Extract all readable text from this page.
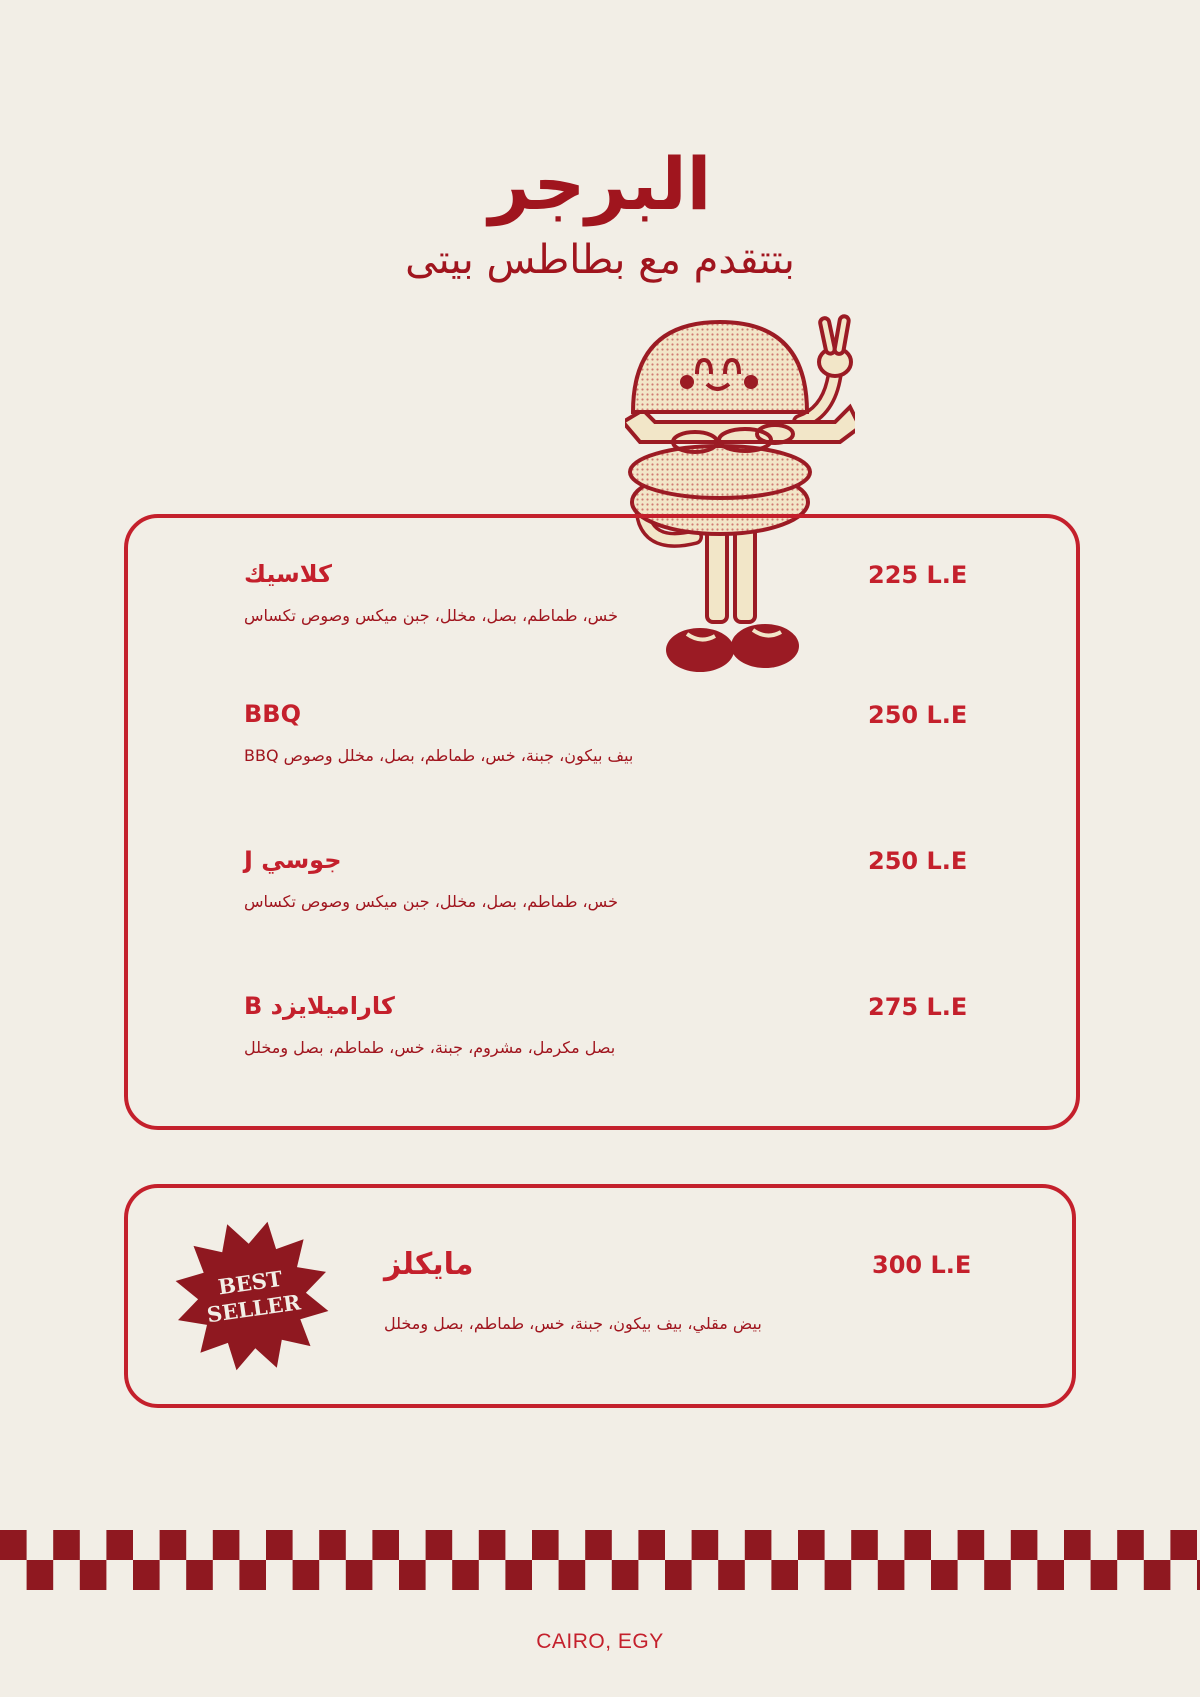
البرجر
بتتقدم مع بطاطس بيتى
كلاسيك
خس، طماطم، بصل، مخلل، جبن ميكس وصوص تكساس
225 L.E
BBQ
بيف بيكون، جبنة، خس، طماطم، بصل، مخلل وصوص BBQ
250 L.E
جوسي J
خس، طماطم، بصل، مخلل، جبن ميكس وصوص تكساس
250 L.E
كاراميلايزد B
بصل مكرمل، مشروم، جبنة، خس، طماطم، بصل ومخلل
275 L.E
BEST
SELLER
مايكلز
بيض مقلي، بيف بيكون، جبنة، خس، طماطم، بصل ومخلل
300 L.E
CAIRO, EGY
